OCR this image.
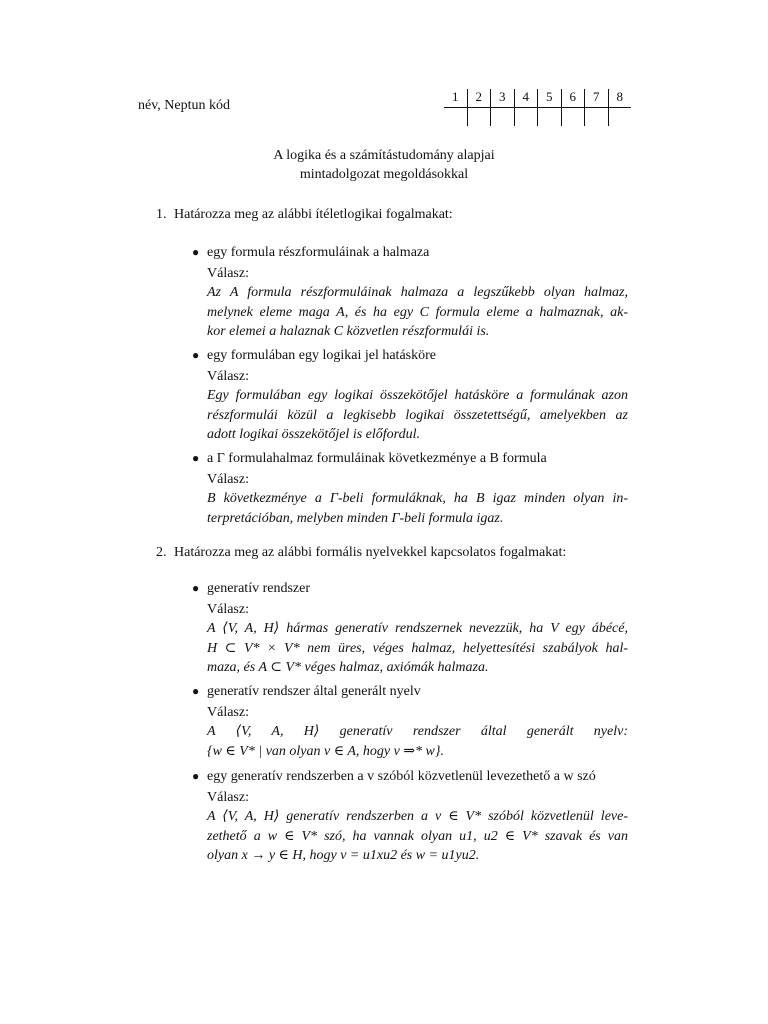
név, Neptun kód
1	2	3	4	5	6	7	8

A logika és a számítástudomány alapjai
mintadolgozat megoldásokkal
1. Határozza meg az alábbi ítéletlogikai fogalmakat:
● egy formula részformuláinak a halmaza
Válasz:
Az A formula részformuláinak halmaza a legszűkebb olyan halmaz,
melynek eleme maga A, és ha egy C formula eleme a halmaznak, ak-
kor elemei a halaznak C közvetlen részformulái is.
● egy formulában egy logikai jel hatásköre
Válasz:
Egy formulában egy logikai összekötőjel hatásköre a formulának azon
részformulái közül a legkisebb logikai összetettségű, amelyekben az
adott logikai összekötőjel is előfordul.
● a Γ formulahalmaz formuláinak következménye a B formula
Válasz:
B következménye a Γ-beli formuláknak, ha B igaz minden olyan in-
terpretációban, melyben minden Γ-beli formula igaz.
2. Határozza meg az alábbi formális nyelvekkel kapcsolatos fogalmakat:
● generatív rendszer
Válasz:
A ⟨V, A, H⟩ hármas generatív rendszernek nevezzük, ha V egy ábécé,
H ⊂ V* × V* nem üres, véges halmaz, helyettesítési szabályok hal-
maza, és A ⊂ V* véges halmaz, axiómák halmaza.
● generatív rendszer által generált nyelv
Válasz:
A ⟨V, A, H⟩ generatív rendszer által generált nyelv:
{w ∈ V* | van olyan v ∈ A, hogy v ⇒* w}.
● egy generatív rendszerben a v szóból közvetlenül levezethető a w szó
Válasz:
A ⟨V, A, H⟩ generatív rendszerben a v ∈ V* szóból közvetlenül leve-
zethető a w ∈ V* szó, ha vannak olyan u1, u2 ∈ V* szavak és van
olyan x → y ∈ H, hogy v = u1xu2 és w = u1yu2.
